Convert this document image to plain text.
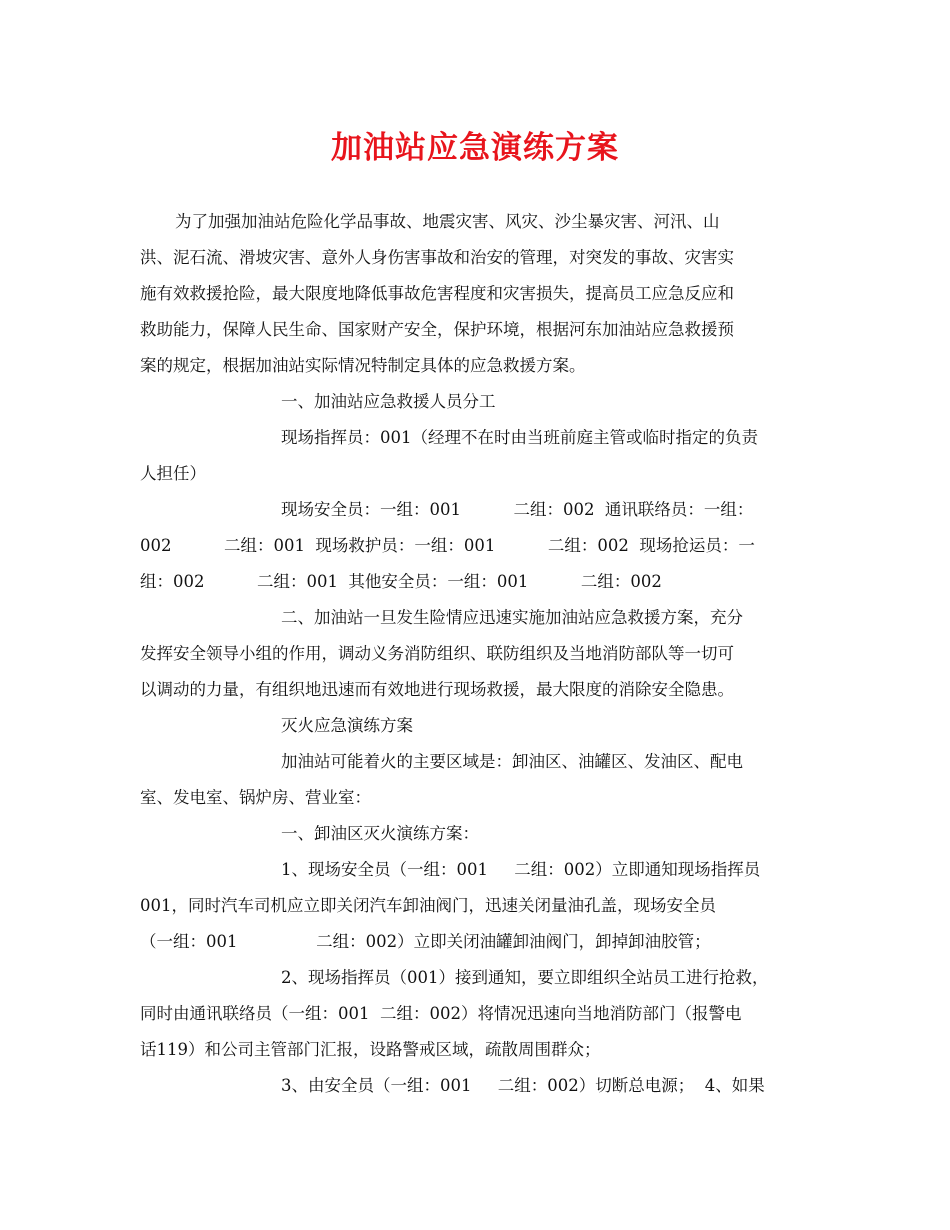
加油站应急演练方案
为了加强加油站危险化学品事故、地震灾害、风灾、沙尘暴灾害、河汛、山
洪、泥石流、滑坡灾害、意外人身伤害事故和治安的管理，对突发的事故、灾害实
施有效救援抢险，最大限度地降低事故危害程度和灾害损失，提高员工应急反应和
救助能力，保障人民生命、国家财产安全，保护环境，根据河东加油站应急救援预
案的规定，根据加油站实际情况特制定具体的应急救援方案。
一、加油站应急救援人员分工
现场指挥员：001（经理不在时由当班前庭主管或临时指定的负责
人担任）
现场安全员：一组：001          二组：002  通讯联络员：一组：
002          二组：001  现场救护员：一组：001          二组：002  现场抢运员：一
组：002          二组：001  其他安全员：一组：001          二组：002
二、加油站一旦发生险情应迅速实施加油站应急救援方案，充分
发挥安全领导小组的作用，调动义务消防组织、联防组织及当地消防部队等一切可
以调动的力量，有组织地迅速而有效地进行现场救援，最大限度的消除安全隐患。
灭火应急演练方案
加油站可能着火的主要区域是：卸油区、油罐区、发油区、配电
室、发电室、锅炉房、营业室：
一、卸油区灭火演练方案：
1、现场安全员（一组：001     二组：002）立即通知现场指挥员
001，同时汽车司机应立即关闭汽车卸油阀门，迅速关闭量油孔盖，现场安全员
（一组：001               二组：002）立即关闭油罐卸油阀门，卸掉卸油胶管；
2、现场指挥员（001）接到通知，要立即组织全站员工进行抢救，
同时由通讯联络员（一组：001  二组：002）将情况迅速向当地消防部门（报警电
话119）和公司主管部门汇报，设路警戒区域，疏散周围群众；
3、由安全员（一组：001     二组：002）切断总电源；  4、如果
